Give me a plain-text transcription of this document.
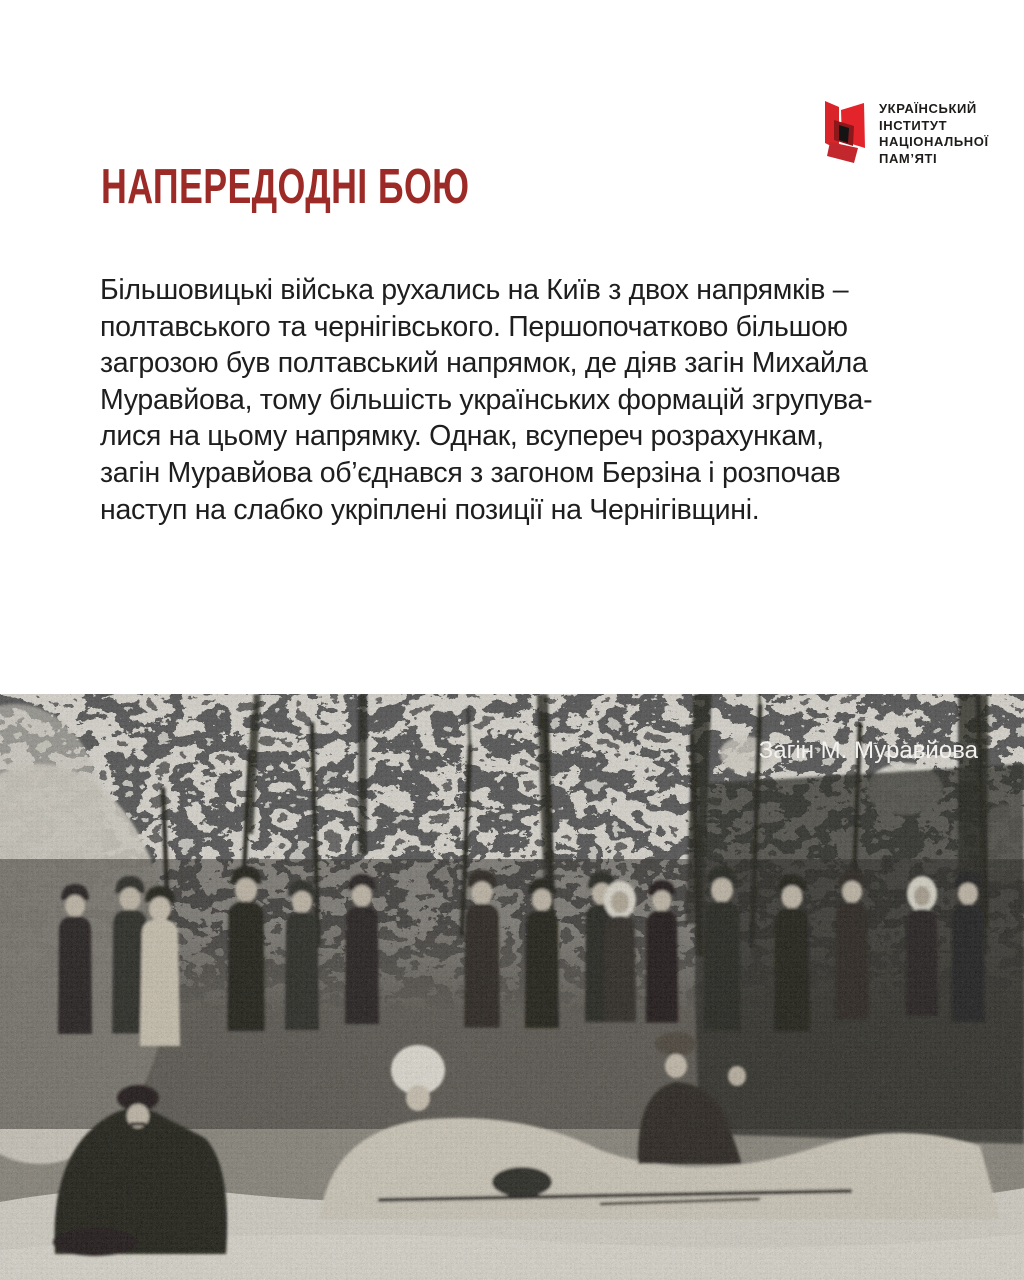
УКРАЇНСЬКИЙ
ІНСТИТУТ
НАЦІОНАЛЬНОЇ
ПАМ’ЯТІ
НАПЕРЕДОДНІ БОЮ
Більшовицькі війська рухались на Київ з двох напрямків –
полтавського та чернігівського. Першопочатково більшою
загрозою був полтавський напрямок, де діяв загін Михайла
Муравйова, тому більшість українських формацій згрупува-
лися на цьому напрямку. Однак, всупереч розрахункам,
загін Муравйова об’єднався з загоном Берзіна і розпочав
наступ на слабко укріплені позиції на Чернігівщині.
Загін М. Муравйова
